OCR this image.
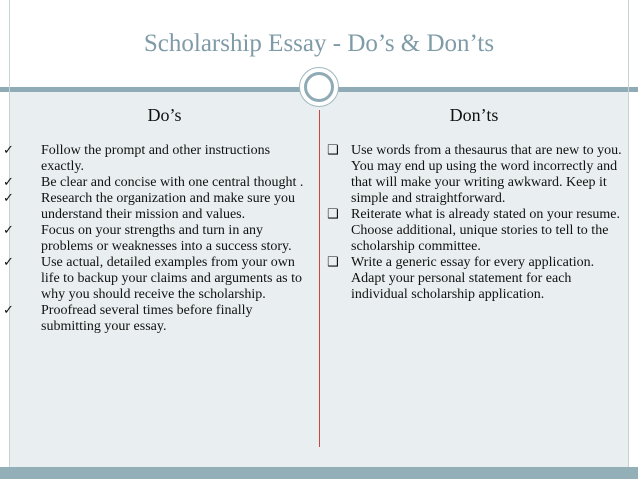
Scholarship Essay - Do’s & Don’ts
Do’s	Don’ts
✓ Follow the prompt and other instructions exactly.
✓ Be clear and concise with one central thought .
✓ Research the organization and make sure you understand their mission and values.
✓ Focus on your strengths and turn in any problems or weaknesses into a success story.
✓ Use actual, detailed examples from your own life to backup your claims and arguments as to why you should receive the scholarship.
✓ Proofread several times before finally submitting your essay.
❑ Use words from a thesaurus that are new to you. You may end up using the word incorrectly and that will make your writing awkward. Keep it simple and straightforward.
❑ Reiterate what is already stated on your resume. Choose additional, unique stories to tell to the scholarship committee.
❑ Write a generic essay for every application. Adapt your personal statement for each individual scholarship application.
